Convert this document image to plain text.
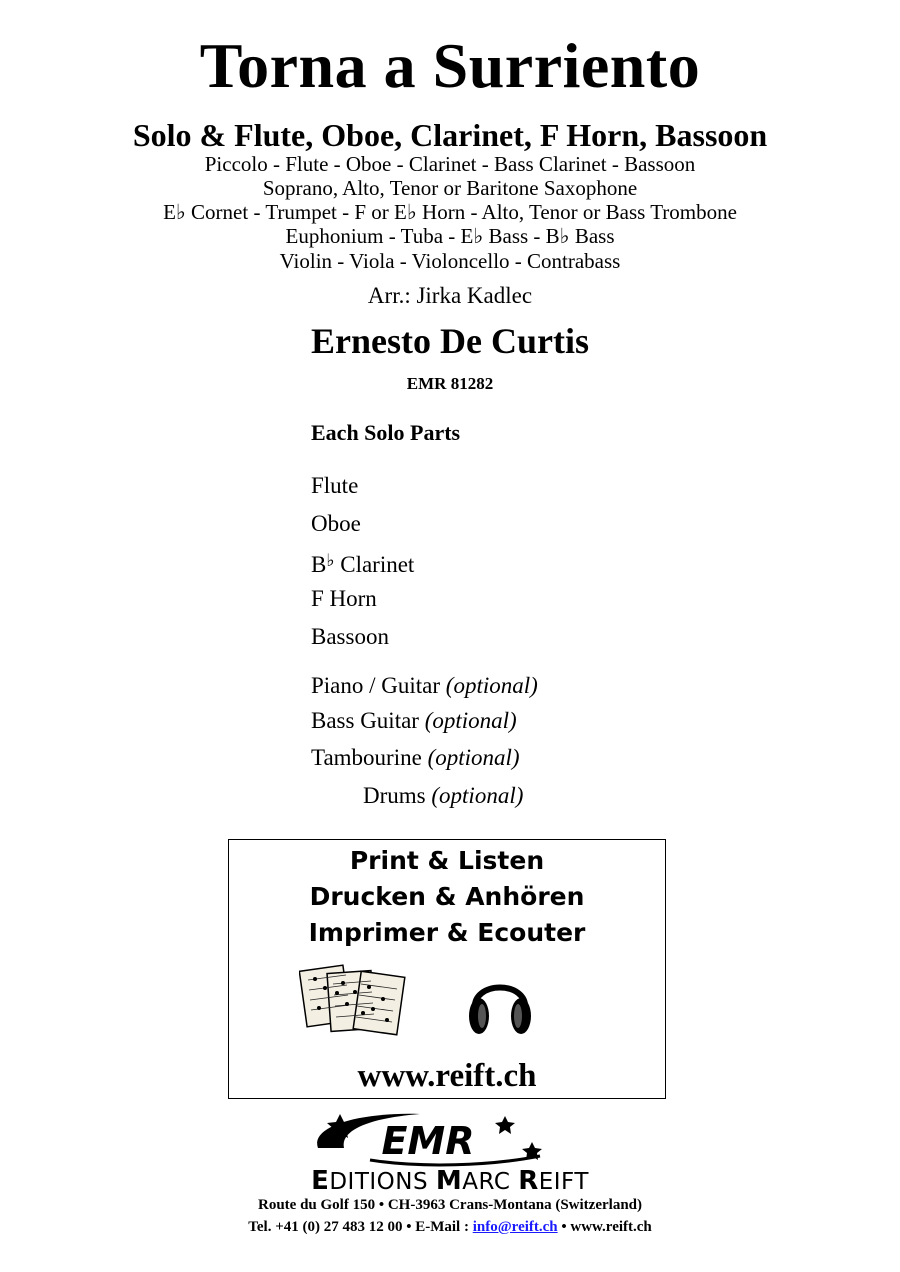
Torna a Surriento
Solo & Flute, Oboe, Clarinet, F Horn, Bassoon
Piccolo - Flute - Oboe - Clarinet - Bass Clarinet - Bassoon
Soprano, Alto, Tenor or Baritone Saxophone
E♭ Cornet - Trumpet - F or E♭ Horn - Alto, Tenor or Bass Trombone
Euphonium - Tuba - E♭ Bass - B♭ Bass
Violin - Viola - Violoncello - Contrabass
Arr.: Jirka Kadlec
Ernesto De Curtis
EMR 81282
Each Solo Parts
Flute
Oboe
B♭ Clarinet
F Horn
Bassoon
Piano / Guitar (optional)
Bass Guitar (optional)
Tambourine (optional)
Drums (optional)
Print & Listen
Drucken & Anhören
Imprimer & Ecouter
www.reift.ch
EMR
EDITIONS MARC REIFT
Route du Golf 150 • CH-3963 Crans-Montana (Switzerland)
Tel. +41 (0) 27 483 12 00 • E-Mail : info@reift.ch • www.reift.ch
